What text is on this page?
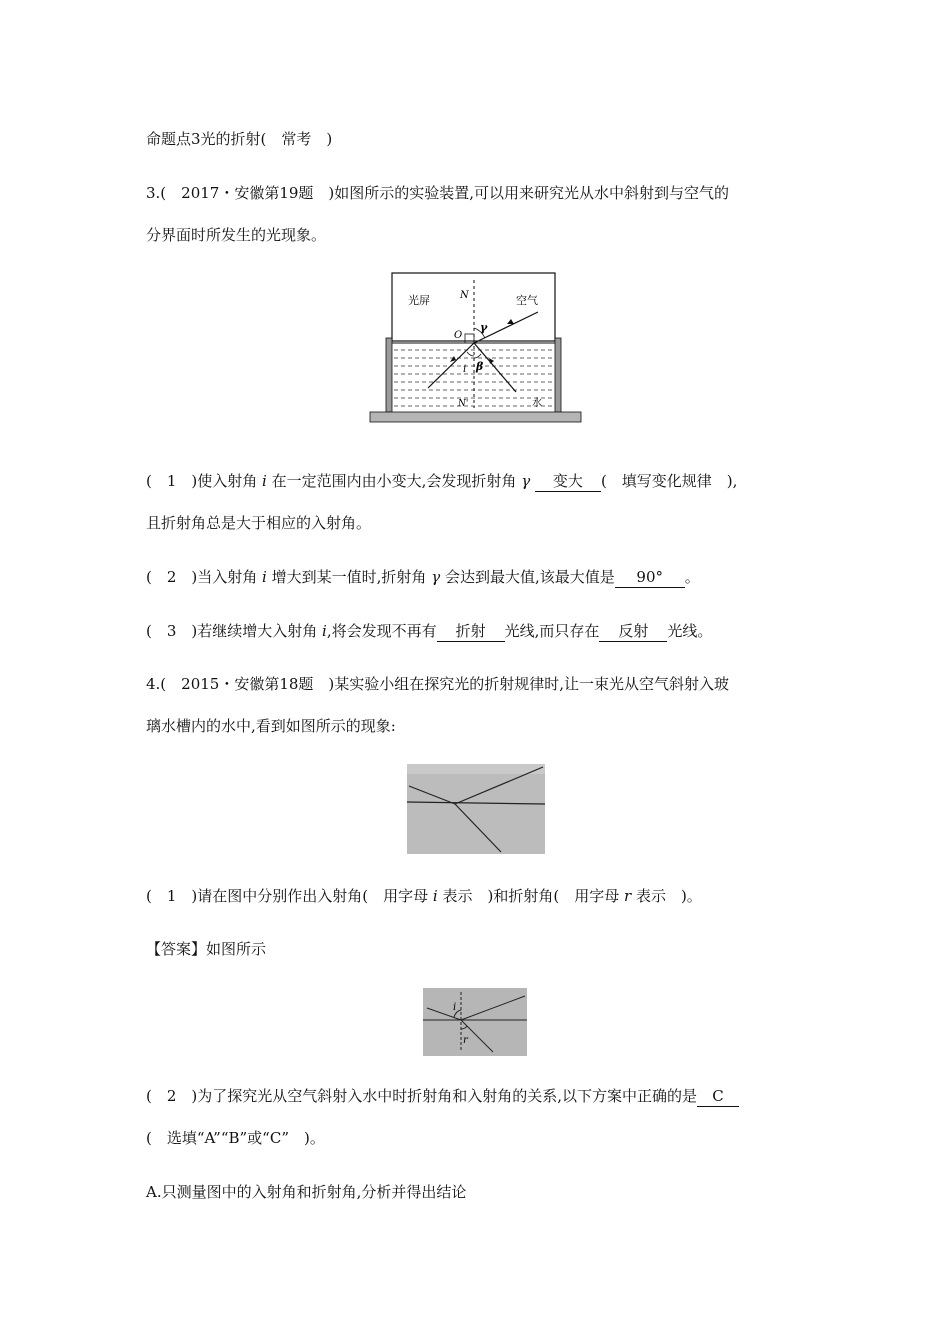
命题点3光的折射(　常考　)
3.(　2017・安徽第19题　)如图所示的实验装置,可以用来研究光从水中斜射到与空气的
分界面时所发生的光现象。
光屏	空气
N
O
γ
β
i
N'	水
(　1　)使入射角 i 在一定范围内由小变大,会发现折射角 γ 变大 (　填写变化规律　),
且折射角总是大于相应的入射角。
(　2　)当入射角 i 增大到某一值时,折射角 γ 会达到最大值,该最大值是 90° 。
(　3　)若继续增大入射角 i,将会发现不再有 折射 光线,而只存在 反射 光线。
4.(　2015・安徽第18题　)某实验小组在探究光的折射规律时,让一束光从空气斜射入玻
璃水槽内的水中,看到如图所示的现象:
(　1　)请在图中分别作出入射角(　用字母 i 表示　)和折射角(　用字母 r 表示　)。
【答案】如图所示
i
r
(　2　)为了探究光从空气斜射入水中时折射角和入射角的关系,以下方案中正确的是 C
(　选填“A”“B”或“C”　)。
A.只测量图中的入射角和折射角,分析并得出结论
